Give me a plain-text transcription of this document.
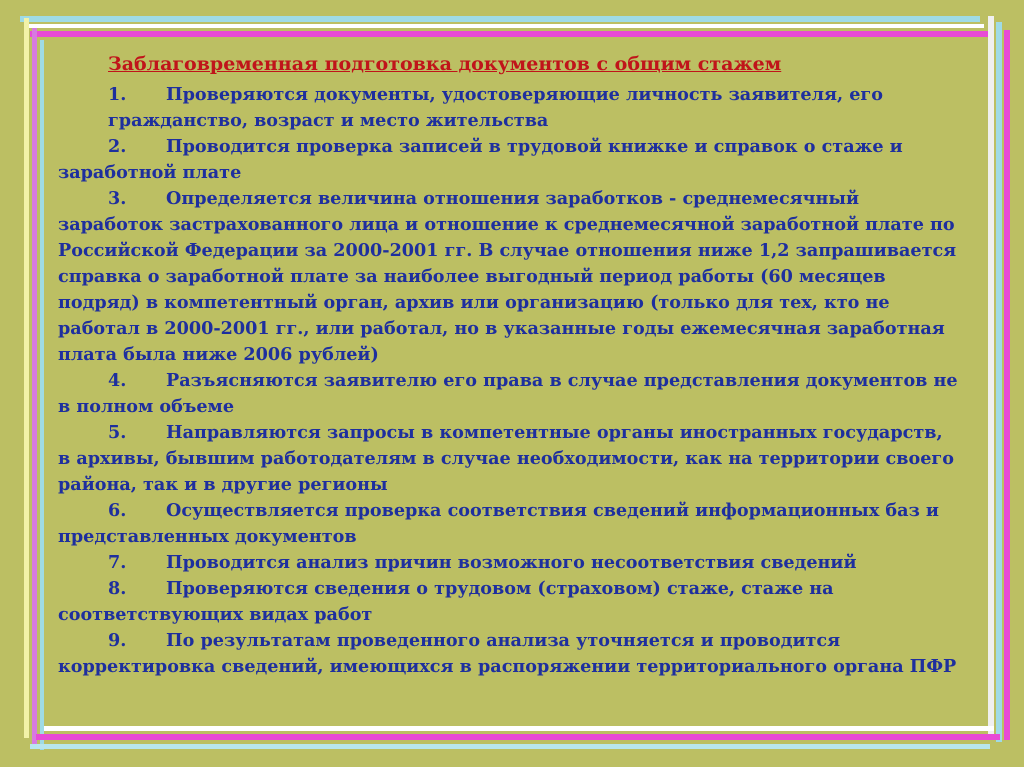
Заблаговременная подготовка документов с общим стажем
1. Проверяются документы, удостоверяющие личность заявителя, его гражданство, возраст и место жительства
2. Проводится проверка записей в трудовой книжке и справок о стаже и заработной плате
3. Определяется величина отношения заработков - среднемесячный заработок застрахованного лица и отношение к среднемесячной заработной плате по Российской Федерации за 2000-2001 гг. В случае отношения ниже 1,2 запрашивается справка о заработной плате за наиболее выгодный период работы (60 месяцев подряд) в компетентный орган, архив или организацию (только для тех, кто не работал в 2000-2001 гг., или работал, но в указанные годы ежемесячная заработная плата была ниже 2006 рублей)
4. Разъясняются заявителю его права в случае представления документов не в полном объеме
5. Направляются запросы в компетентные органы иностранных государств, в архивы, бывшим работодателям в случае необходимости, как на территории своего района, так и в другие регионы
6. Осуществляется проверка соответствия сведений информационных баз и представленных документов
7. Проводится анализ причин возможного несоответствия сведений
8. Проверяются сведения о трудовом (страховом) стаже, стаже на соответствующих видах работ
9. По результатам проведенного анализа уточняется и проводится корректировка сведений, имеющихся в распоряжении территориального органа ПФР
